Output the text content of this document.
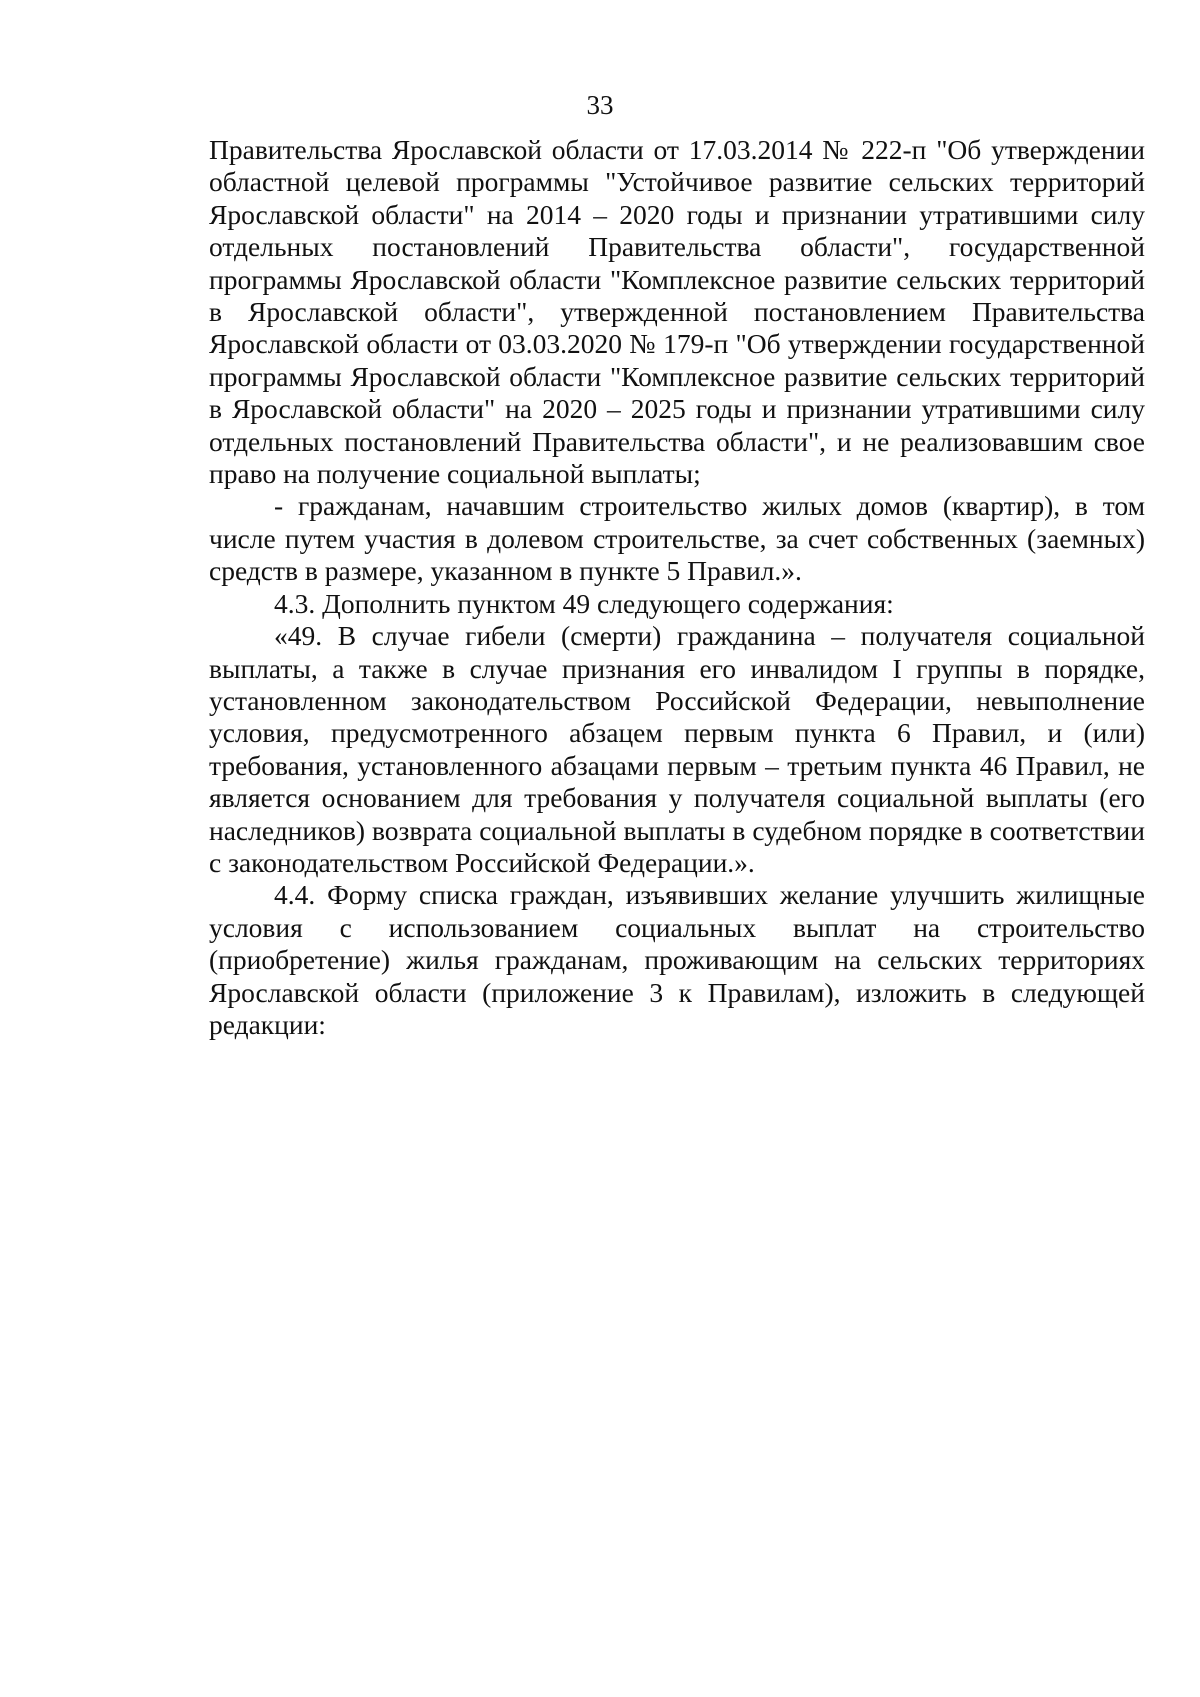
33

Правительства Ярославской области от 17.03.2014 № 222-п "Об утверждении областной целевой программы "Устойчивое развитие сельских территорий Ярославской области" на 2014 – 2020 годы и признании утратившими силу отдельных постановлений Правительства области", государственной программы Ярославской области "Комплексное развитие сельских территорий в Ярославской области", утвержденной постановлением Правительства Ярославской области от 03.03.2020 № 179-п "Об утверждении государственной программы Ярославской области "Комплексное развитие сельских территорий в Ярославской области" на 2020 – 2025 годы и признании утратившими силу отдельных постановлений Правительства области", и не реализовавшим свое право на получение социальной выплаты;

- гражданам, начавшим строительство жилых домов (квартир), в том числе путем участия в долевом строительстве, за счет собственных (заемных) средств в размере, указанном в пункте 5 Правил.».

4.3. Дополнить пунктом 49 следующего содержания:

«49. В случае гибели (смерти) гражданина – получателя социальной выплаты, а также в случае признания его инвалидом I группы в порядке, установленном законодательством Российской Федерации, невыполнение условия, предусмотренного абзацем первым пункта 6 Правил, и (или) требования, установленного абзацами первым – третьим пункта 46 Правил, не является основанием для требования у получателя социальной выплаты (его наследников) возврата социальной выплаты в судебном порядке в соответствии с законодательством Российской Федерации.».

4.4. Форму списка граждан, изъявивших желание улучшить жилищные условия с использованием социальных выплат на строительство (приобретение) жилья гражданам, проживающим на сельских территориях Ярославской области (приложение 3 к Правилам), изложить в следующей редакции:
